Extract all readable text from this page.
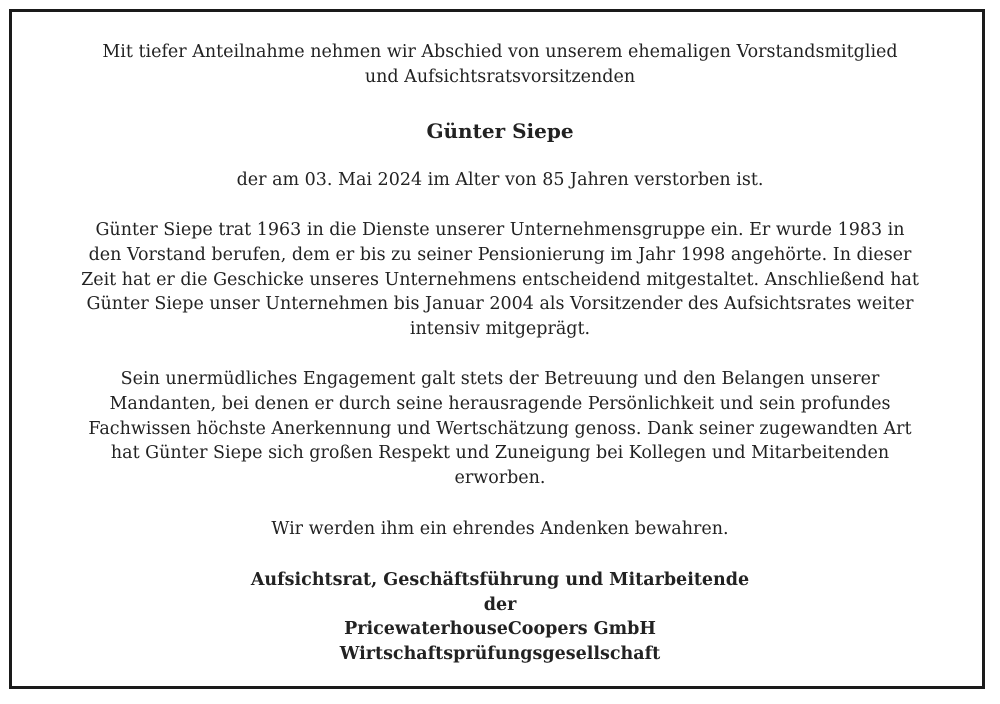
Mit tiefer Anteilnahme nehmen wir Abschied von unserem ehemaligen Vorstandsmitglied
und Aufsichtsratsvorsitzenden

Günter Siepe

der am 03. Mai 2024 im Alter von 85 Jahren verstorben ist.

Günter Siepe trat 1963 in die Dienste unserer Unternehmensgruppe ein. Er wurde 1983 in
den Vorstand berufen, dem er bis zu seiner Pensionierung im Jahr 1998 angehörte. In dieser
Zeit hat er die Geschicke unseres Unternehmens entscheidend mitgestaltet. Anschließend hat
Günter Siepe unser Unternehmen bis Januar 2004 als Vorsitzender des Aufsichtsrates weiter
intensiv mitgeprägt.

Sein unermüdliches Engagement galt stets der Betreuung und den Belangen unserer
Mandanten, bei denen er durch seine herausragende Persönlichkeit und sein profundes
Fachwissen höchste Anerkennung und Wertschätzung genoss. Dank seiner zugewandten Art
hat Günter Siepe sich großen Respekt und Zuneigung bei Kollegen und Mitarbeitenden
erworben.

Wir werden ihm ein ehrendes Andenken bewahren.

Aufsichtsrat, Geschäftsführung und Mitarbeitende
der
PricewaterhouseCoopers GmbH
Wirtschaftsprüfungsgesellschaft
